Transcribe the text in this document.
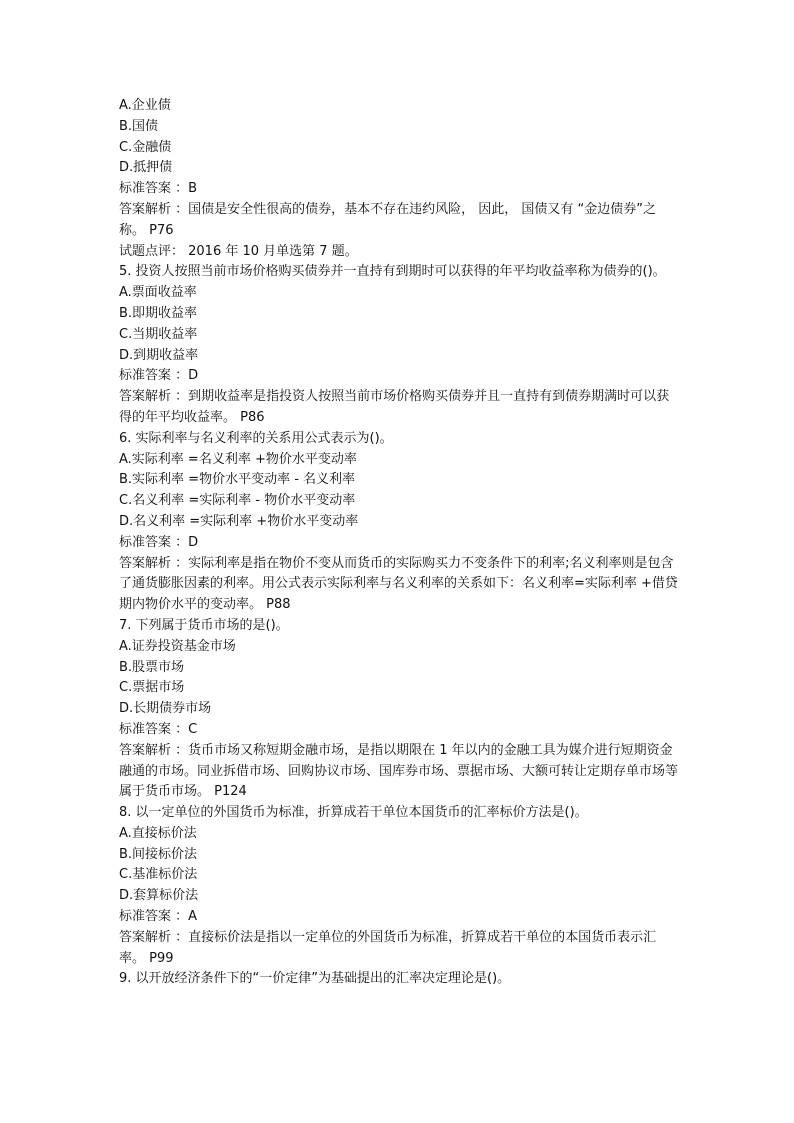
A.企业债
B.国债
C.金融债
D.抵押债
标准答案 ：B
答案解析 ：国债是安全性很高的债券，基本不存在违约风险， 因此， 国债又有 “金边债券”之称。 P76
试题点评： 2016 年 10 月单选第 7 题。
5. 投资人按照当前市场价格购买债券并一直持有到期时可以获得的年平均收益率称为债券的()。
A.票面收益率
B.即期收益率
C.当期收益率
D.到期收益率
标准答案 ：D
答案解析 ：到期收益率是指投资人按照当前市场价格购买债券并且一直持有到债券期满时可以获得的年平均收益率。 P86
6. 实际利率与名义利率的关系用公式表示为()。
A.实际利率 =名义利率 +物价水平变动率
B.实际利率 =物价水平变动率 - 名义利率
C.名义利率 =实际利率 - 物价水平变动率
D.名义利率 =实际利率 +物价水平变动率
标准答案 ：D
答案解析 ：实际利率是指在物价不变从而货币的实际购买力不变条件下的利率;名义利率则是包含了通货膨胀因素的利率。用公式表示实际利率与名义利率的关系如下：名义利率=实际利率 +借贷期内物价水平的变动率。 P88
7. 下列属于货币市场的是()。
A.证券投资基金市场
B.股票市场
C.票据市场
D.长期债券市场
标准答案 ：C
答案解析 ：货币市场又称短期金融市场，是指以期限在 1 年以内的金融工具为媒介进行短期资金融通的市场。同业拆借市场、回购协议市场、国库券市场、票据市场、大额可转让定期存单市场等属于货币市场。 P124
8. 以一定单位的外国货币为标准，折算成若干单位本国货币的汇率标价方法是()。
A.直接标价法
B.间接标价法
C.基准标价法
D.套算标价法
标准答案 ：A
答案解析 ：直接标价法是指以一定单位的外国货币为标准，折算成若干单位的本国货币表示汇率。 P99
9. 以开放经济条件下的“一价定律”为基础提出的汇率决定理论是()。
